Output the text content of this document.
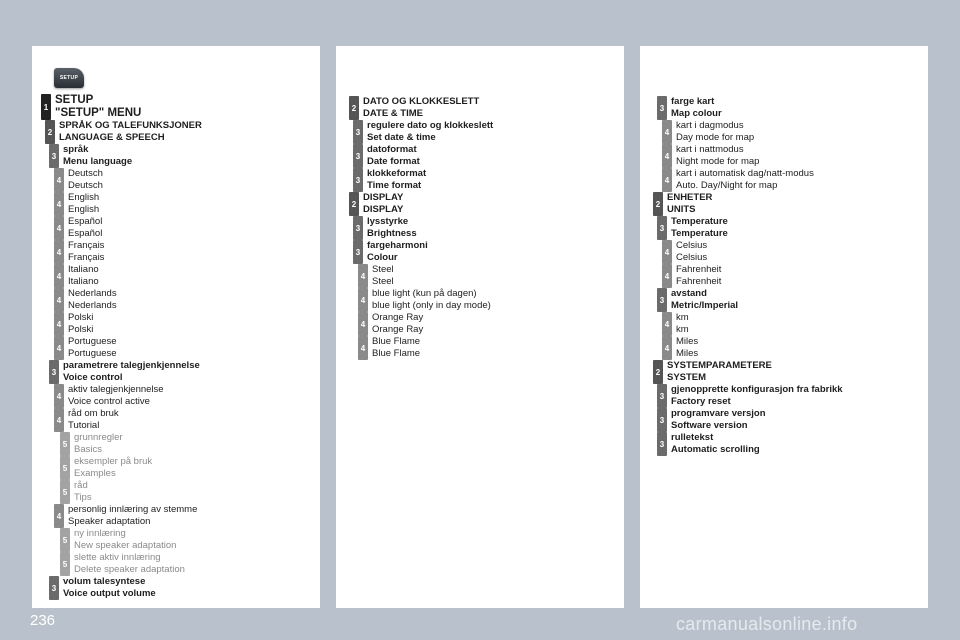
SETUP
1
SETUP
"SETUP" MENU
2
SPRÅK OG TALEFUNKSJONER
LANGUAGE & SPEECH
3
språk
Menu language
4
Deutsch
Deutsch
4
English
English
4
Español
Español
4
Français
Français
4
Italiano
Italiano
4
Nederlands
Nederlands
4
Polski
Polski
4
Portuguese
Portuguese
3
parametrere talegjenkjennelse
Voice control
4
aktiv talegjenkjennelse
Voice control active
4
råd om bruk
Tutorial
5
grunnregler
Basics
5
eksempler på bruk
Examples
5
råd
Tips
4
personlig innlæring av stemme
Speaker adaptation
5
ny innlæring
New speaker adaptation
5
slette aktiv innlæring
Delete speaker adaptation
3
volum talesyntese
Voice output volume
2
DATO OG KLOKKESLETT
DATE & TIME
3
regulere dato og klokkeslett
Set date & time
3
datoformat
Date format
3
klokkeformat
Time format
2
DISPLAY
DISPLAY
3
lysstyrke
Brightness
3
fargeharmoni
Colour
4
Steel
Steel
4
blue light (kun på dagen)
blue light (only in day mode)
4
Orange Ray
Orange Ray
4
Blue Flame
Blue Flame
3
farge kart
Map colour
4
kart i dagmodus
Day mode for map
4
kart i nattmodus
Night mode for map
4
kart i automatisk dag/natt-modus
Auto. Day/Night for map
2
ENHETER
UNITS
3
Temperature
Temperature
4
Celsius
Celsius
4
Fahrenheit
Fahrenheit
3
avstand
Metric/Imperial
4
km
km
4
Miles
Miles
2
SYSTEMPARAMETERE
SYSTEM
3
gjenopprette konfigurasjon fra fabrikk
Factory reset
3
programvare versjon
Software version
3
rulletekst
Automatic scrolling
236	carmanualsonline.info
